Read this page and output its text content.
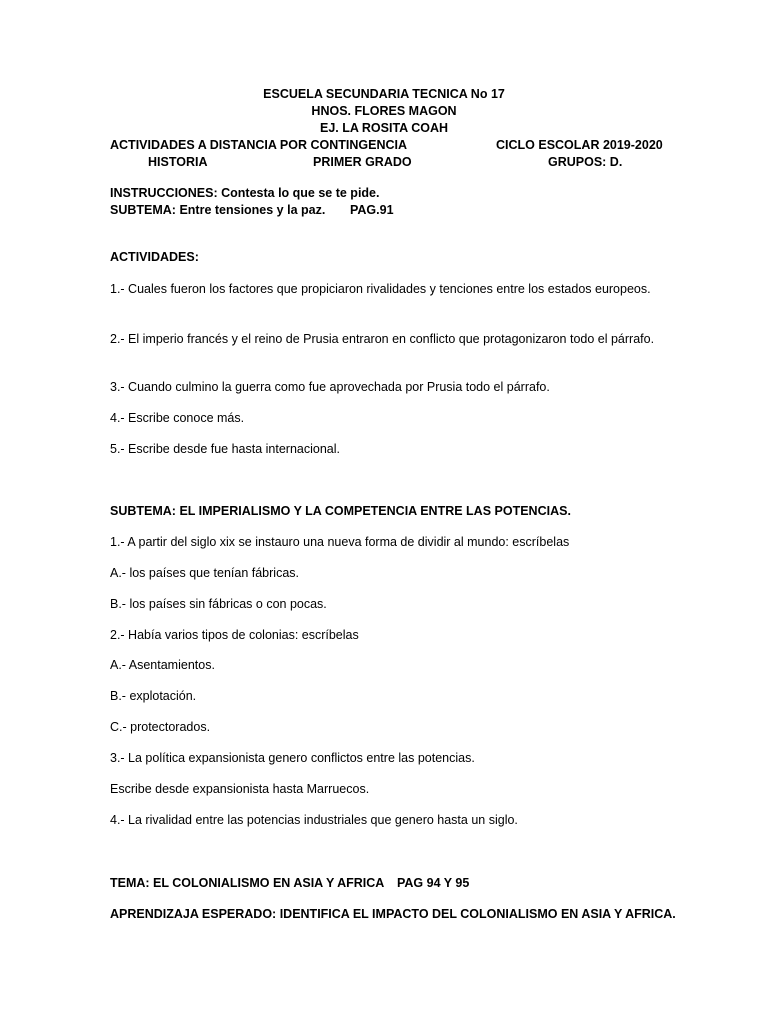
ESCUELA SECUNDARIA TECNICA No 17
HNOS. FLORES MAGON
EJ. LA ROSITA COAH
ACTIVIDADES A DISTANCIA POR CONTINGENCIA	CICLO ESCOLAR 2019-2020
HISTORIA	PRIMER GRADO	GRUPOS: D.
INSTRUCCIONES: Contesta lo que se te pide.
SUBTEMA: Entre tensiones y la paz. PAG.91
ACTIVIDADES:
1.- Cuales fueron los factores que propiciaron rivalidades y tenciones entre los estados europeos.
2.- El imperio francés y el reino de Prusia entraron en conflicto que protagonizaron todo el párrafo.
3.- Cuando culmino la guerra como fue aprovechada por Prusia todo el párrafo.
4.- Escribe conoce más.
5.- Escribe desde fue hasta internacional.
SUBTEMA: EL IMPERIALISMO Y LA COMPETENCIA ENTRE LAS POTENCIAS.
1.- A partir del siglo xix se instauro una nueva forma de dividir al mundo: escríbelas
A.- los países que tenían fábricas.
B.- los países sin fábricas o con pocas.
2.- Había varios tipos de colonias: escríbelas
A.- Asentamientos.
B.- explotación.
C.- protectorados.
3.- La política expansionista genero conflictos entre las potencias.
Escribe desde expansionista hasta Marruecos.
4.- La rivalidad entre las potencias industriales que genero hasta un siglo.
TEMA: EL COLONIALISMO EN ASIA Y AFRICA PAG 94 Y 95
APRENDIZAJA ESPERADO: IDENTIFICA EL IMPACTO DEL COLONIALISMO EN ASIA Y AFRICA.
